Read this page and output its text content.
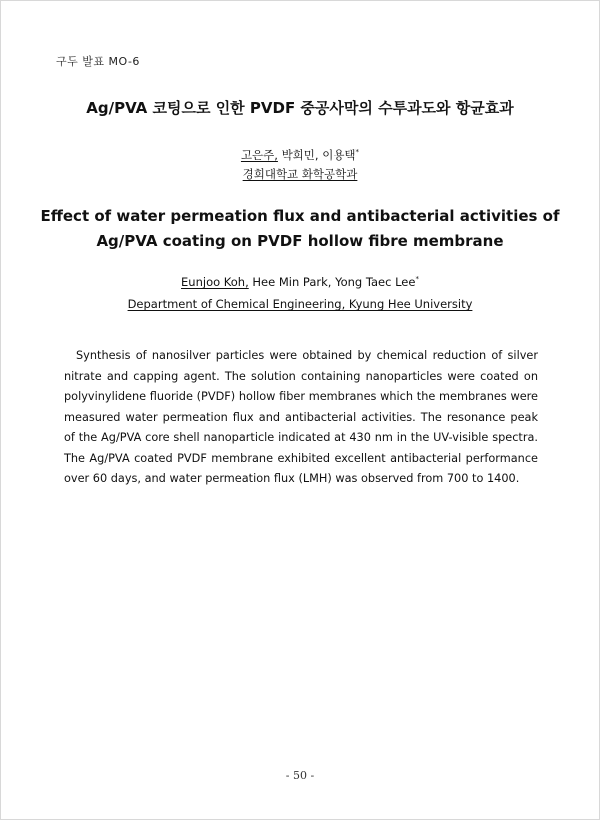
구두 발표 MO-6
Ag/PVA 코팅으로 인한 PVDF 중공사막의 수투과도와 항균효과
고은주, 박희민, 이용택*
경희대학교 화학공학과
Effect of water permeation flux and antibacterial activities of
Ag/PVA coating on PVDF hollow fibre membrane
Eunjoo Koh, Hee Min Park, Yong Taec Lee*
Department of Chemical Engineering, Kyung Hee University

Synthesis of nanosilver particles were obtained by chemical reduction of silver nitrate and capping agent. The solution containing nanoparticles were coated on polyvinylidene fluoride (PVDF) hollow fiber membranes which the membranes were measured water permeation flux and antibacterial activities. The resonance peak of the Ag/PVA core shell nanoparticle indicated at 430 nm in the UV-visible spectra. The Ag/PVA coated PVDF membrane exhibited excellent antibacterial performance over 60 days, and water permeation flux (LMH) was observed from 700 to 1400.

- 50 -
